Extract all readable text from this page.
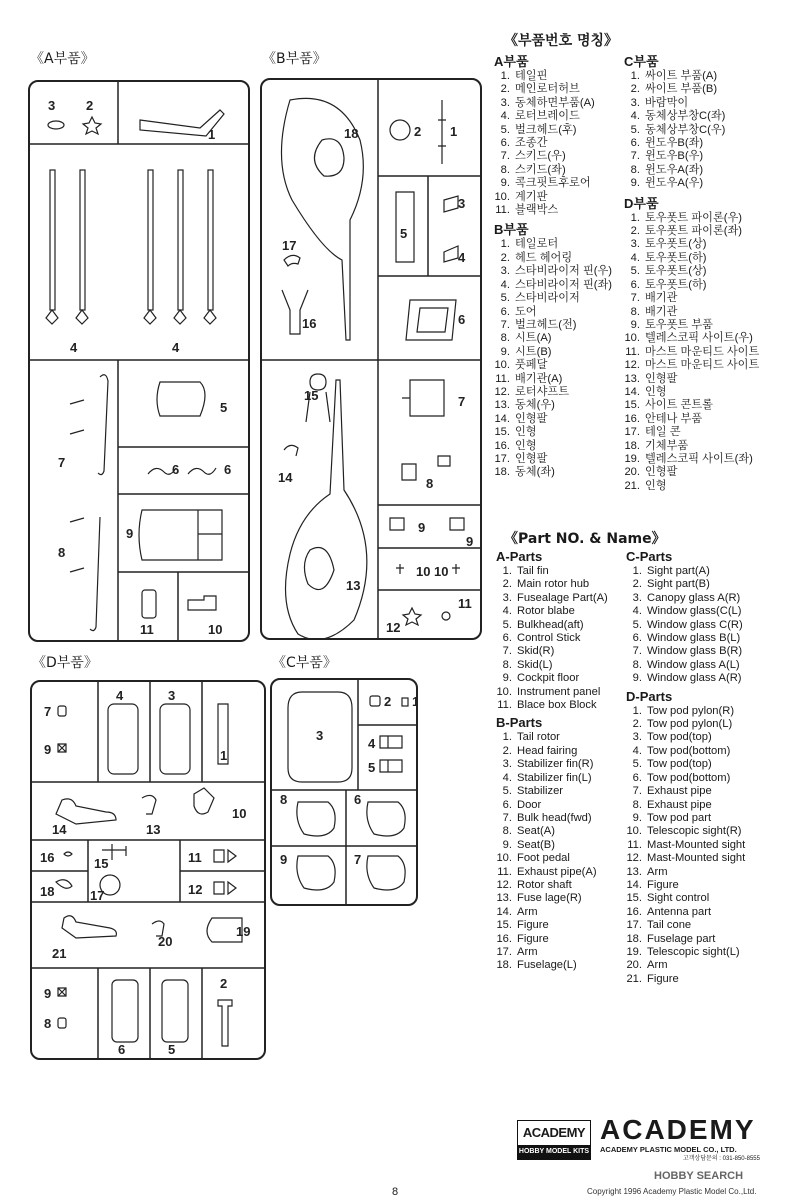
《A부품》
3 2
1
4	4
5
7	6
6
8
9
11	10
《B부품》
18	2 1
3
5
4
17
16	6
15	7
14	8
9
9
13
10 10
12
11
《D부품》
7
9
4	3
1
14	13
10
16	15
17
11
12
18
21
20
19
9
8
6	5
2
《C부품》
3
2 1
4
5
8	6
9	7
《부품번호 명칭》
A부품
1. 테일핀
2. 메인로터허브
3. 동체하면부품(A)
4. 로터브레이드
5. 벌크헤드(후)
6. 조종간
7. 스키드(우)
8. 스키드(좌)
9. 콕크핏트후로어
10. 계기판
11. 블랙박스
B부품
1. 테일로터
2. 헤드 헤어링
3. 스타비라이저 핀(우)
4. 스타비라이저 핀(좌)
5. 스타비라이저
6. 도어
7. 벌크헤드(전)
8. 시트(A)
9. 시트(B)
10. 풋페달
11. 배기관(A)
12. 로터샤프트
13. 동체(우)
14. 인형팔
15. 인형
16. 인형
17. 인형팔
18. 동체(좌)
C부품
1. 싸이트 부품(A)
2. 싸이트 부품(B)
3. 바람막이
4. 동체상부창C(좌)
5. 동체상부창C(우)
6. 윈도우B(좌)
7. 윈도우B(우)
8. 윈도우A(좌)
9. 윈도우A(우)
D부품
1. 토우폿트 파이론(우)
2. 토우폿트 파이론(좌)
3. 토우폿트(상)
4. 토우폿트(하)
5. 토우폿트(상)
6. 토우폿트(하)
7. 배기관
8. 배기관
9. 토우폿트 부품
10. 텔레스코픽 사이트(우)
11. 마스트 마운티드 사이트
12. 마스트 마운티드 사이트
13. 인형팔
14. 인형
15. 사이트 콘트롤
16. 안테나 부품
17. 테일 콘
18. 기체부품
19. 텔레스코픽 사이트(좌)
20. 인형팔
21. 인형
《Part NO. & Name》
A-Parts
1. Tail fin
2. Main rotor hub
3. Fusealage Part(A)
4. Rotor blabe
5. Bulkhead(aft)
6. Control Stick
7. Skid(R)
8. Skid(L)
9. Cockpit floor
10. Instrument panel
11. Blace box Block
B-Parts
1. Tail rotor
2. Head fairing
3. Stabilizer fin(R)
4. Stabilizer fin(L)
5. Stabilizer
6. Door
7. Bulk head(fwd)
8. Seat(A)
9. Seat(B)
10. Foot pedal
11. Exhaust pipe(A)
12. Rotor shaft
13. Fuse lage(R)
14. Arm
15. Figure
16. Figure
17. Arm
18. Fuselage(L)
C-Parts
1. Sight part(A)
2. Sight part(B)
3. Canopy glass A(R)
4. Window glass(C(L)
5. Window glass C(R)
6. Window glass B(L)
7. Window glass B(R)
8. Window glass A(L)
9. Window glass A(R)
D-Parts
1. Tow pod pylon(R)
2. Tow pod pylon(L)
3. Tow pod(top)
4. Tow pod(bottom)
5. Tow pod(top)
6. Tow pod(bottom)
7. Exhaust pipe
8. Exhaust pipe
9. Tow pod part
10. Telescopic sight(R)
11. Mast-Mounted sight
12. Mast-Mounted sight
13. Arm
14. Figure
15. Sight control
16. Antenna part
17. Tail cone
18. Fuselage part
19. Telescopic sight(L)
20. Arm
21. Figure
ACADEMY
HOBBY MODEL KITS
ACADEMY
ACADEMY PLASTIC MODEL CO., LTD.
고객상담문의 : 031-850-8555
HOBBY SEARCH
8	Copyright 1996 Academy Plastic Model Co.,Ltd.
